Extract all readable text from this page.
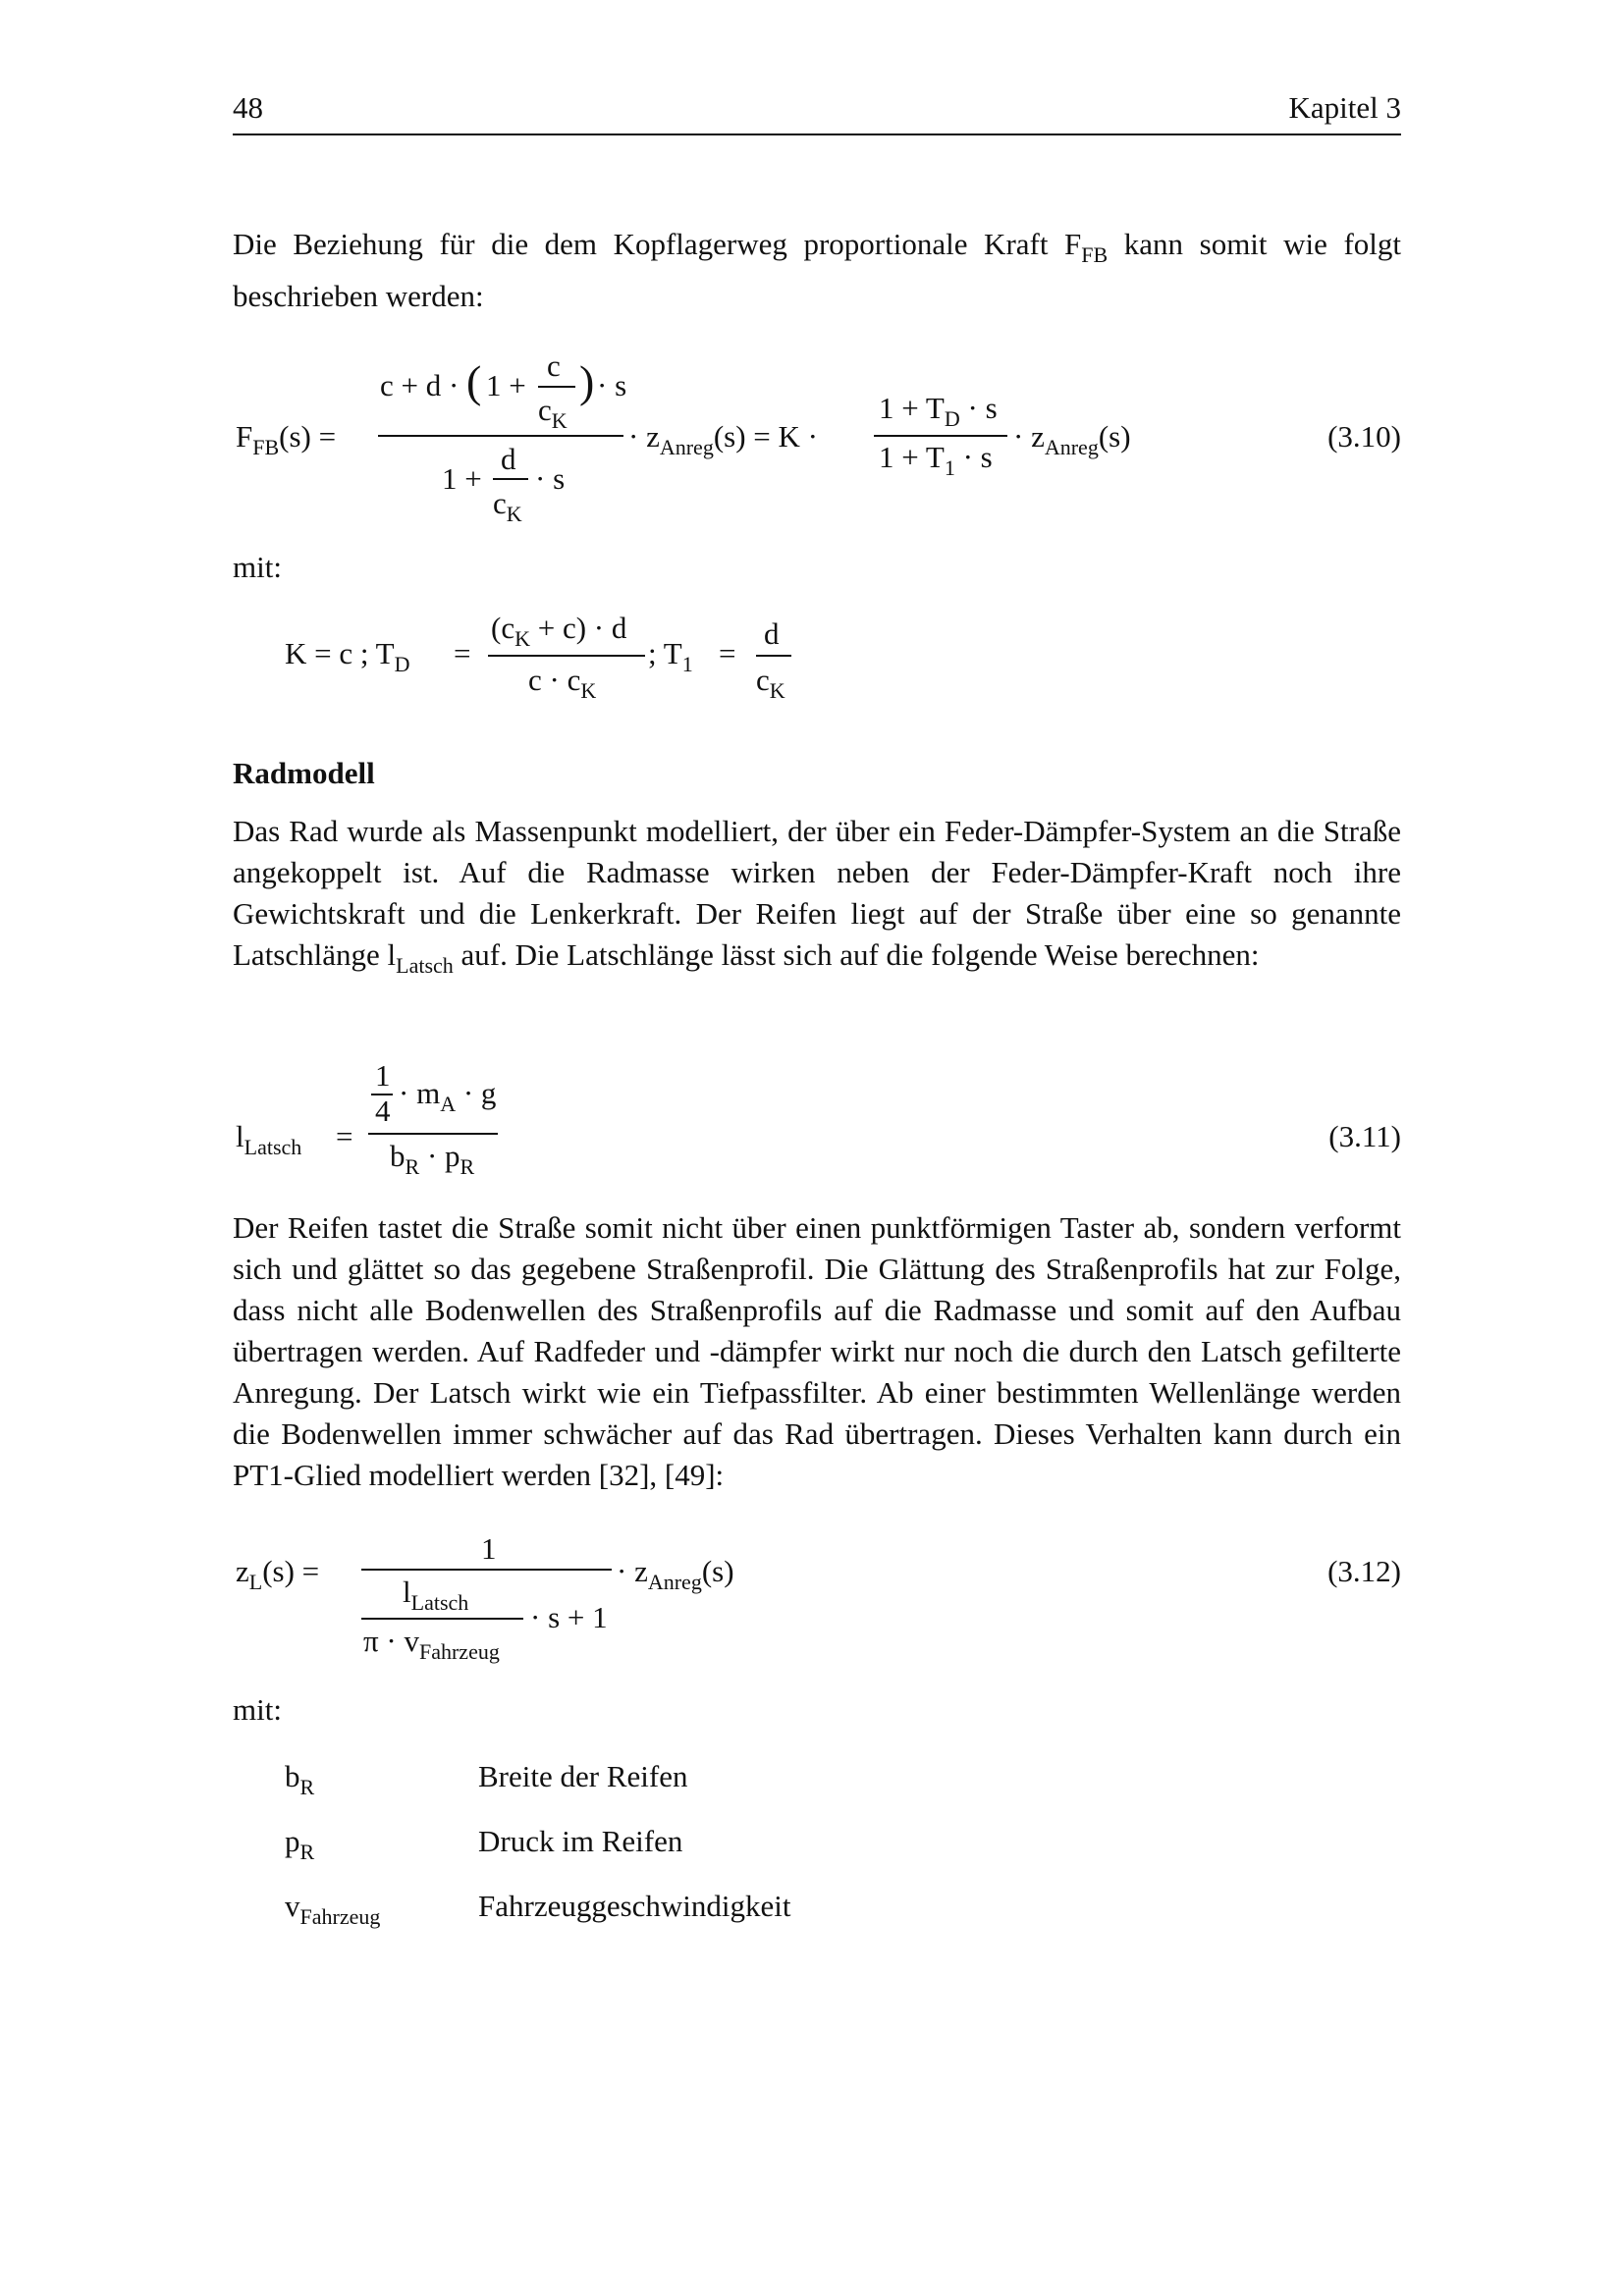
48	Kapitel 3
Die Beziehung für die dem Kopflagerweg proportionale Kraft $F_{FB}$ kann somit wie folgt beschrieben werden:
$F_{FB}(s)$ =
c + d · ( 1 +
c
$c_K$
) · s
1 +
d
$c_K$
· s
· $z_{Anreg}(s) = K$ ·
$1 + T_D \cdot s$
$1 + T_1 \cdot s$
· $z_{Anreg}(s)$	(3.10)
mit:
K = c ; $T_D$ =
$(c_K + c) \cdot d$
$c \cdot c_K$
; $T_1$ =
d
$c_K$
Radmodell
Das Rad wurde als Massenpunkt modelliert, der über ein Feder-Dämpfer-System an die Straße angekoppelt ist. Auf die Radmasse wirken neben der Feder-Dämpfer-Kraft noch ihre Gewichtskraft und die Lenkerkraft. Der Reifen liegt auf der Straße über eine so genannte Latschlänge $l_{Latsch}$ auf. Die Latschlänge lässt sich auf die folgende Weise berechnen:
$l_{Latsch}$ =
1
4
· $m_A \cdot g$
$b_R \cdot p_R$
(3.11)
Der Reifen tastet die Straße somit nicht über einen punktförmigen Taster ab, sondern verformt sich und glättet so das gegebene Straßenprofil. Die Glättung des Straßenprofils hat zur Folge, dass nicht alle Bodenwellen des Straßenprofils auf die Radmasse und somit auf den Aufbau übertragen werden. Auf Radfeder und -dämpfer wirkt nur noch die durch den Latsch gefilterte Anregung. Der Latsch wirkt wie ein Tiefpassfilter. Ab einer bestimmten Wellenlänge werden die Bodenwellen immer schwächer auf das Rad übertragen. Dieses Verhalten kann durch ein PT1-Glied modelliert werden [32], [49]:
$z_L(s)$ =
1
$l_{Latsch}$
$\pi \cdot v_{Fahrzeug}$
· s + 1
· $z_{Anreg}(s)$	(3.12)
mit:
$b_R$	Breite der Reifen
$p_R$	Druck im Reifen
$v_{Fahrzeug}$	Fahrzeuggeschwindigkeit
